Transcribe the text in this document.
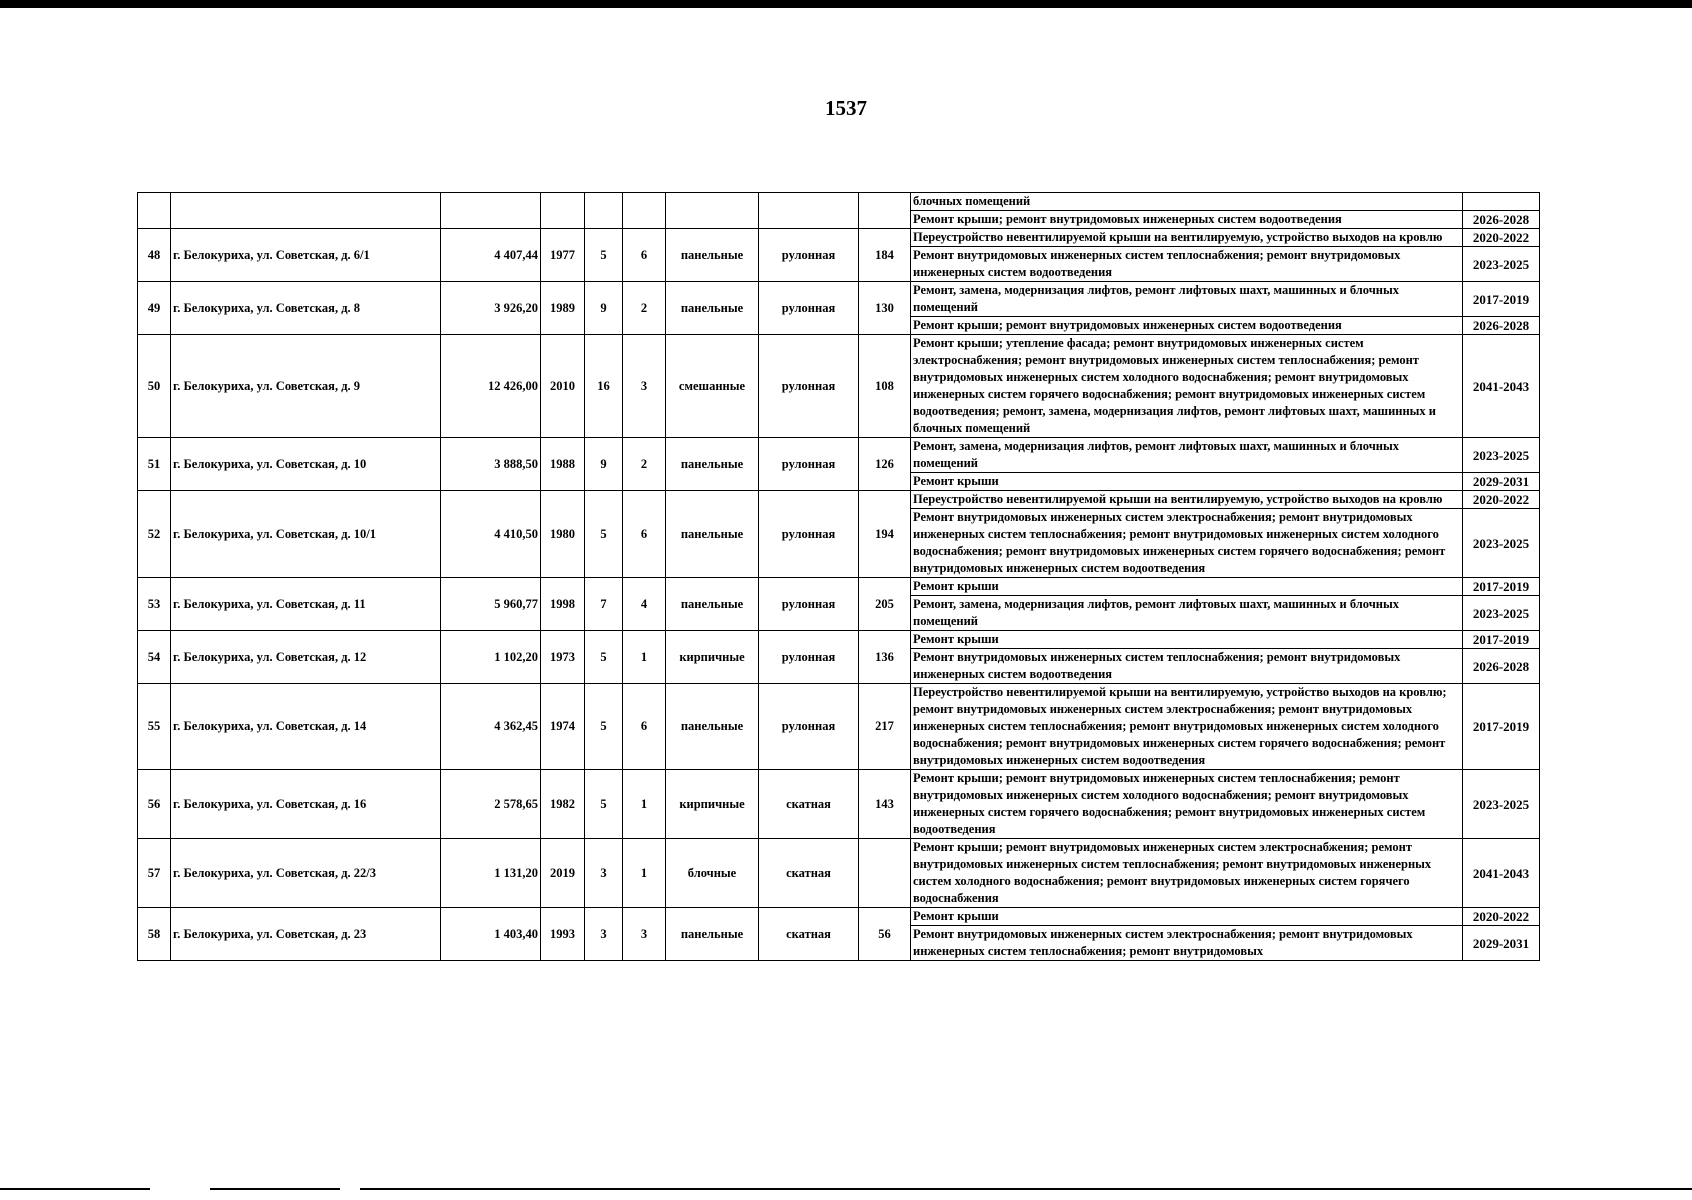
1537
									блочных помещений	
									Ремонт крыши; ремонт внутридомовых инженерных систем водоотведения	2026-2028
48	г. Белокуриха, ул. Советская, д. 6/1	4 407,44	1977	5	6	панельные	рулонная	184	Переустройство невентилируемой крыши на вентилируемую, устройство выходов на кровлю	2020-2022
									Ремонт внутридомовых инженерных систем теплоснабжения; ремонт внутридомовых инженерных систем водоотведения	2023-2025
49	г. Белокуриха, ул. Советская, д. 8	3 926,20	1989	9	2	панельные	рулонная	130	Ремонт, замена, модернизация лифтов, ремонт лифтовых шахт, машинных и блочных помещений	2017-2019
									Ремонт крыши; ремонт внутридомовых инженерных систем водоотведения	2026-2028
50	г. Белокуриха, ул. Советская, д. 9	12 426,00	2010	16	3	смешанные	рулонная	108	Ремонт крыши; утепление фасада; ремонт внутридомовых инженерных систем электроснабжения; ремонт внутридомовых инженерных систем теплоснабжения; ремонт внутридомовых инженерных систем холодного водоснабжения; ремонт внутридомовых инженерных систем горячего водоснабжения; ремонт внутридомовых инженерных систем водоотведения; ремонт, замена, модернизация лифтов, ремонт лифтовых шахт, машинных и блочных помещений	2041-2043
51	г. Белокуриха, ул. Советская, д. 10	3 888,50	1988	9	2	панельные	рулонная	126	Ремонт, замена, модернизация лифтов, ремонт лифтовых шахт, машинных и блочных помещений	2023-2025
									Ремонт крыши	2029-2031
52	г. Белокуриха, ул. Советская, д. 10/1	4 410,50	1980	5	6	панельные	рулонная	194	Переустройство невентилируемой крыши на вентилируемую, устройство выходов на кровлю	2020-2022
									Ремонт внутридомовых инженерных систем электроснабжения; ремонт внутридомовых инженерных систем теплоснабжения; ремонт внутридомовых инженерных систем холодного водоснабжения; ремонт внутридомовых инженерных систем горячего водоснабжения; ремонт внутридомовых инженерных систем водоотведения	2023-2025
53	г. Белокуриха, ул. Советская, д. 11	5 960,77	1998	7	4	панельные	рулонная	205	Ремонт крыши	2017-2019
									Ремонт, замена, модернизация лифтов, ремонт лифтовых шахт, машинных и блочных помещений	2023-2025
54	г. Белокуриха, ул. Советская, д. 12	1 102,20	1973	5	1	кирпичные	рулонная	136	Ремонт крыши	2017-2019
									Ремонт внутридомовых инженерных систем теплоснабжения; ремонт внутридомовых инженерных систем водоотведения	2026-2028
55	г. Белокуриха, ул. Советская, д. 14	4 362,45	1974	5	6	панельные	рулонная	217	Переустройство невентилируемой крыши на вентилируемую, устройство выходов на кровлю; ремонт внутридомовых инженерных систем электроснабжения; ремонт внутридомовых инженерных систем теплоснабжения; ремонт внутридомовых инженерных систем холодного водоснабжения; ремонт внутридомовых инженерных систем горячего водоснабжения; ремонт внутридомовых инженерных систем водоотведения	2017-2019
56	г. Белокуриха, ул. Советская, д. 16	2 578,65	1982	5	1	кирпичные	скатная	143	Ремонт крыши; ремонт внутридомовых инженерных систем теплоснабжения; ремонт внутридомовых инженерных систем холодного водоснабжения; ремонт внутридомовых инженерных систем горячего водоснабжения; ремонт внутридомовых инженерных систем водоотведения	2023-2025
57	г. Белокуриха, ул. Советская, д. 22/3	1 131,20	2019	3	1	блочные	скатная		Ремонт крыши; ремонт внутридомовых инженерных систем электроснабжения; ремонт внутридомовых инженерных систем теплоснабжения; ремонт внутридомовых инженерных систем холодного водоснабжения; ремонт внутридомовых инженерных систем горячего водоснабжения	2041-2043
58	г. Белокуриха, ул. Советская, д. 23	1 403,40	1993	3	3	панельные	скатная	56	Ремонт крыши	2020-2022
									Ремонт внутридомовых инженерных систем электроснабжения; ремонт внутридомовых инженерных систем теплоснабжения; ремонт внутридомовых	2029-2031
